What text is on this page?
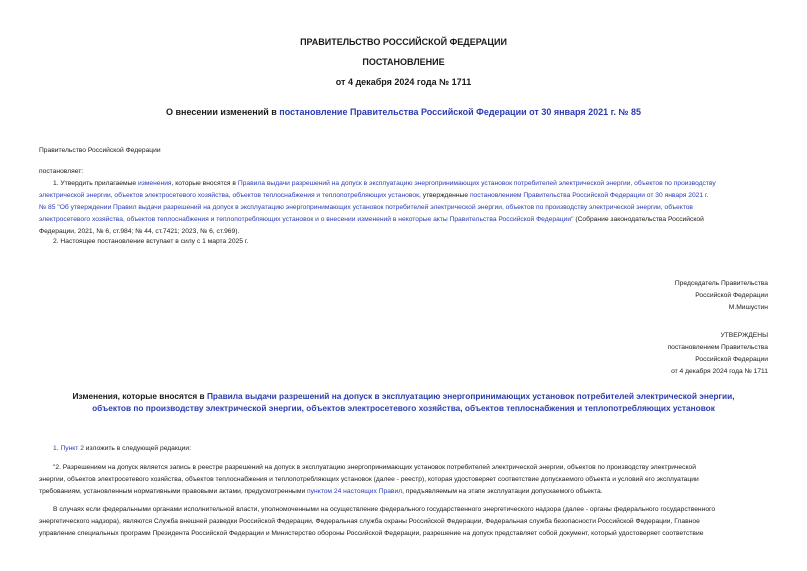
ПРАВИТЕЛЬСТВО РОССИЙСКОЙ ФЕДЕРАЦИИ
ПОСТАНОВЛЕНИЕ
от 4 декабря 2024 года № 1711
О внесении изменений в постановление Правительства Российской Федерации от 30 января 2021 г. № 85
Правительство Российской Федерации
постановляет:
1. Утвердить прилагаемые изменения, которые вносятся в Правила выдачи разрешений на допуск в эксплуатацию энергопринимающих установок потребителей электрической энергии, объектов по производству
электрической энергии, объектов электросетевого хозяйства, объектов теплоснабжения и теплопотребляющих установок, утвержденные постановлением Правительства Российской Федерации от 30 января 2021 г.
№ 85 "Об утверждении Правил выдачи разрешений на допуск в эксплуатацию энергопринимающих установок потребителей электрической энергии, объектов по производству электрической энергии, объектов
электросетевого хозяйства, объектов теплоснабжения и теплопотребляющих установок и о внесении изменений в некоторые акты Правительства Российской Федерации" (Собрание законодательства Российской
Федерации, 2021, № 6, ст.984; № 44, ст.7421; 2023, № 6, ст.969).
2. Настоящее постановление вступает в силу с 1 марта 2025 г.
Председатель Правительства
Российской Федерации
М.Мишустин
УТВЕРЖДЕНЫ
постановлением Правительства
Российской Федерации
от 4 декабря 2024 года № 1711
Изменения, которые вносятся в Правила выдачи разрешений на допуск в эксплуатацию энергопринимающих установок потребителей электрической энергии,
объектов по производству электрической энергии, объектов электросетевого хозяйства, объектов теплоснабжения и теплопотребляющих установок
1. Пункт 2 изложить в следующей редакции:
"2. Разрешением на допуск является запись в реестре разрешений на допуск в эксплуатацию энергопринимающих установок потребителей электрической энергии, объектов по производству электрической
энергии, объектов электросетевого хозяйства, объектов теплоснабжения и теплопотребляющих установок (далее - реестр), которая удостоверяет соответствие допускаемого объекта и условий его эксплуатации
требованиям, установленным нормативными правовыми актами, предусмотренными пунктом 24 настоящих Правил, предъявляемым на этапе эксплуатации допускаемого объекта.
В случаях если федеральными органами исполнительной власти, уполномоченными на осуществление федерального государственного энергетического надзора (далее - органы федерального государственного
энергетического надзора), являются Служба внешней разведки Российской Федерации, Федеральная служба охраны Российской Федерации, Федеральная служба безопасности Российской Федерации, Главное
управление специальных программ Президента Российской Федерации и Министерство обороны Российской Федерации, разрешение на допуск представляет собой документ, который удостоверяет соответствие
